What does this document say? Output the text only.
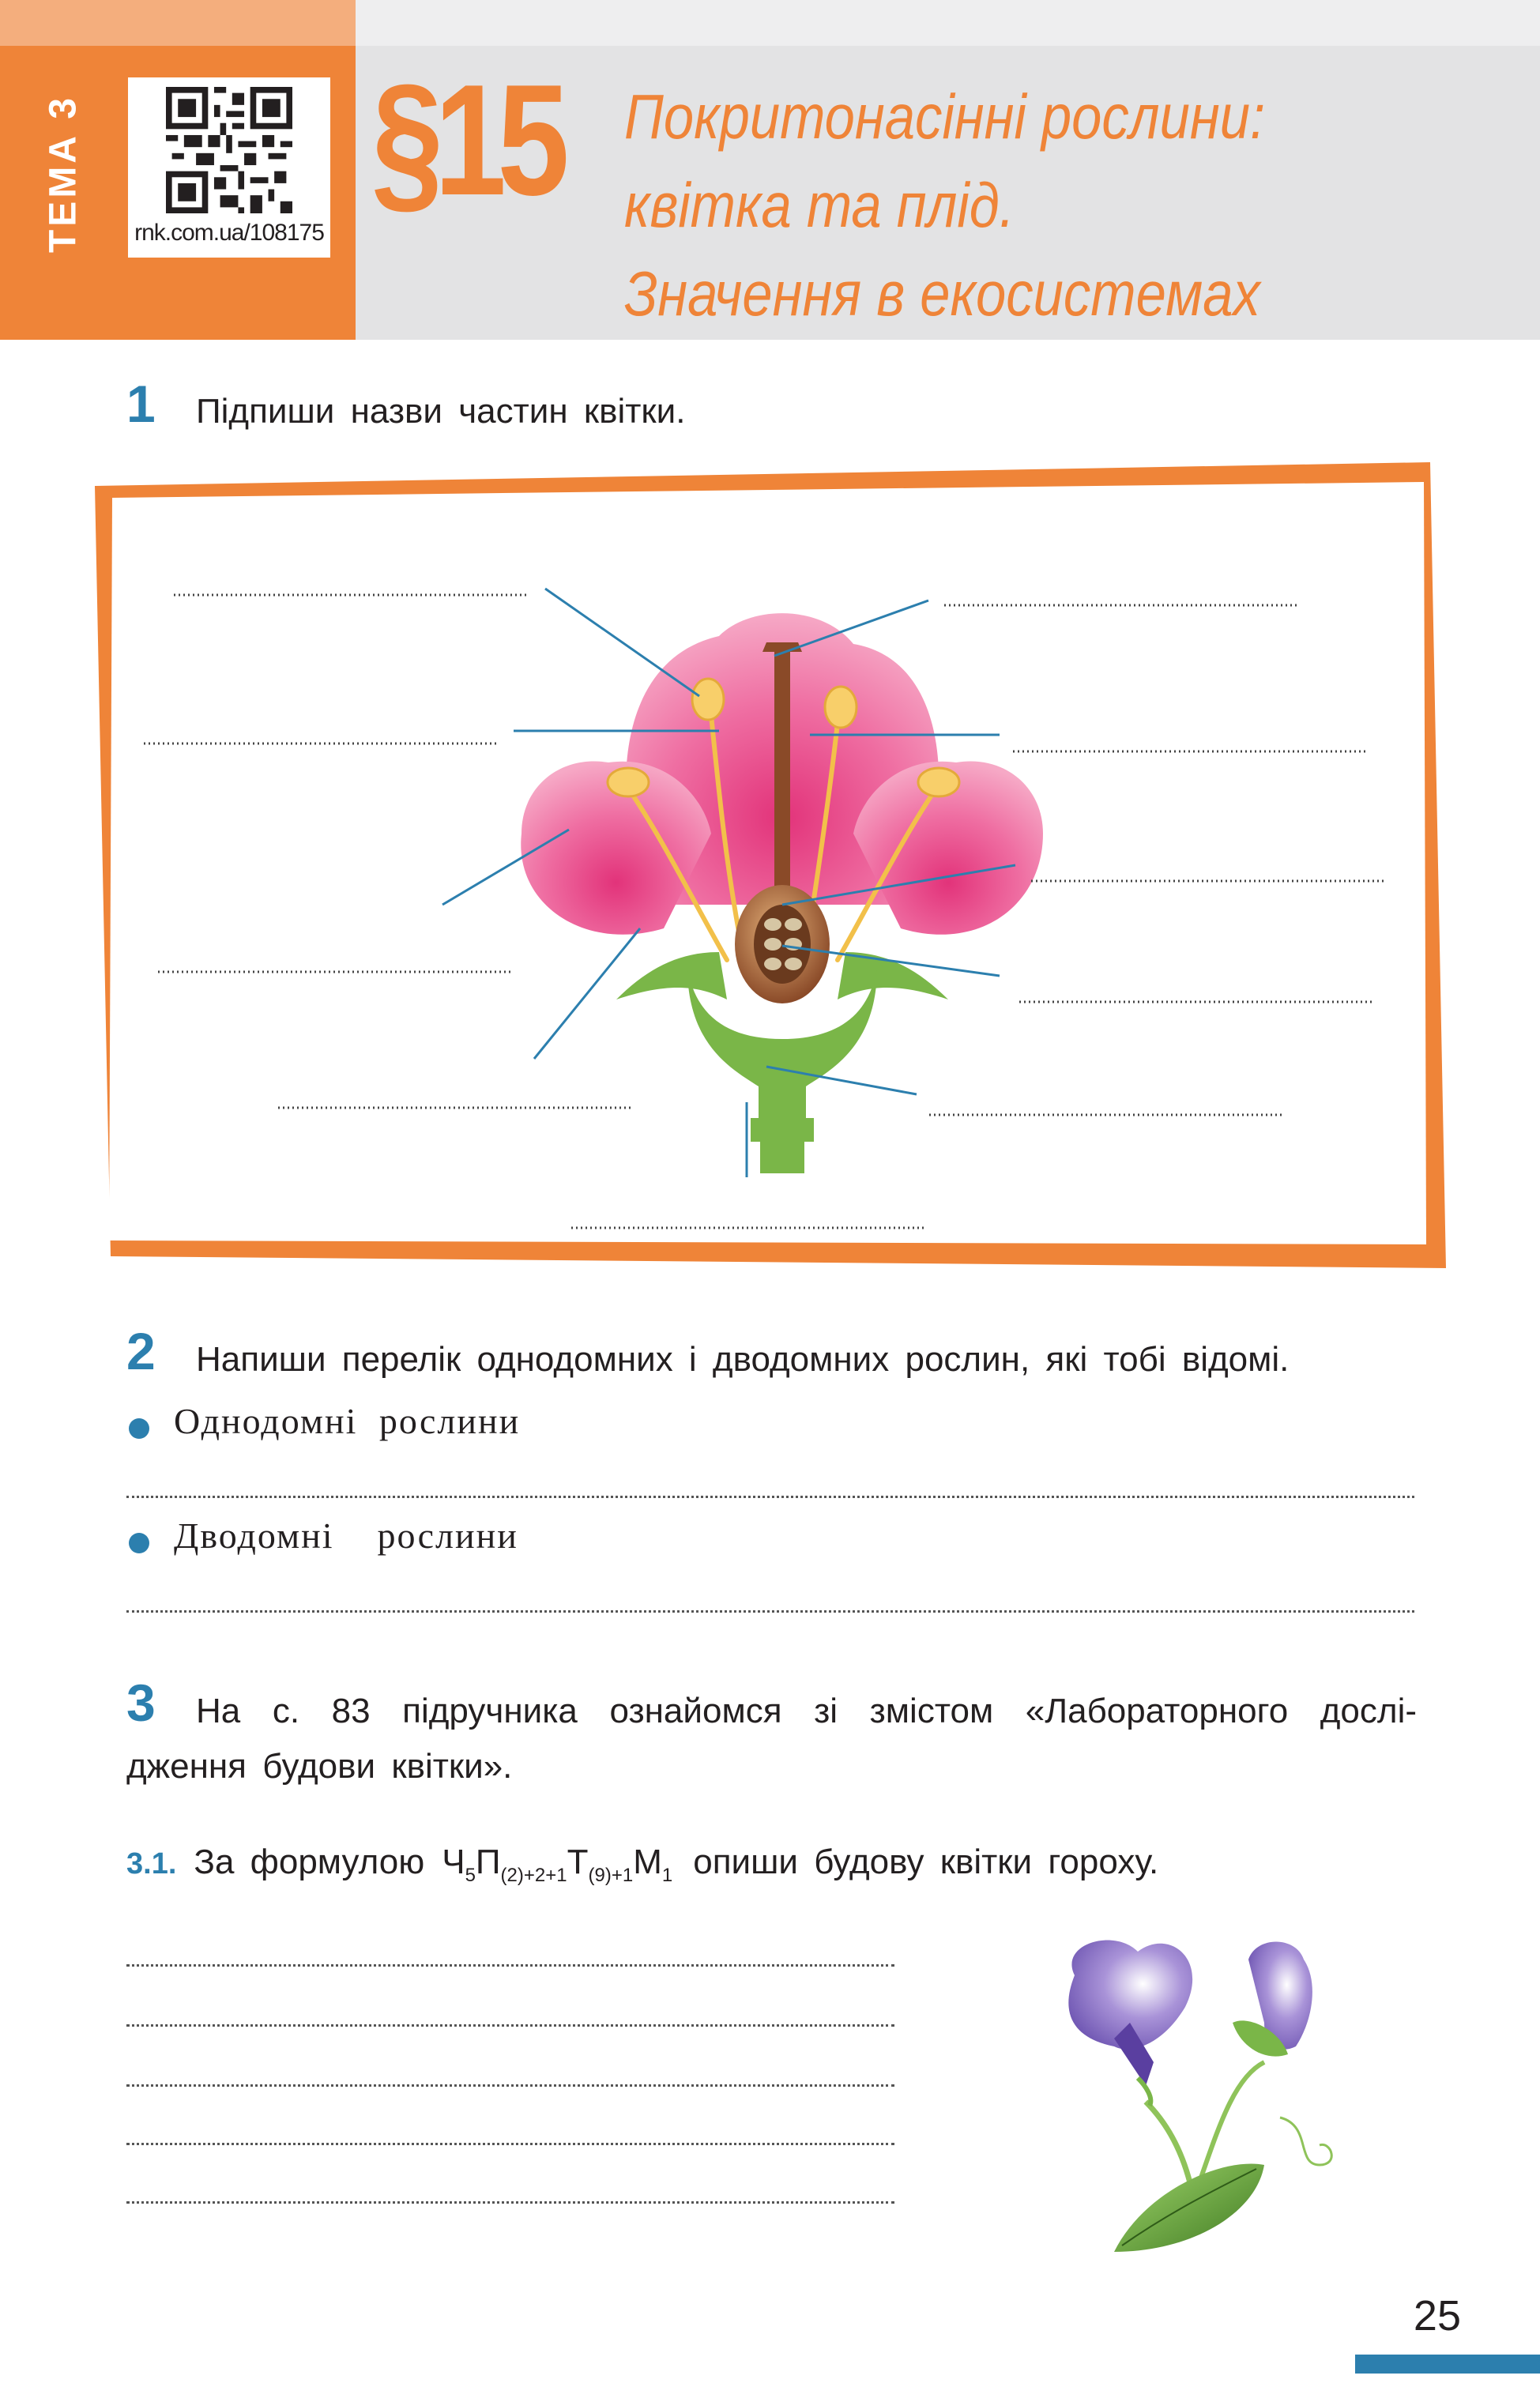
ТЕМА 3 rnk.com.ua/108175
§15 Покритонасінні рослини:
квітка та плід.
Значення в екосистемах
1 Підпиши назви частин квітки.
2 Напиши перелік однодомних і дводомних рослин, які тобі відомі.
Однодомні рослини
Дводомні  рослини
3 На с. 83 підручника ознайомся зі змістом «Лабораторного дослі-
дження будови квітки».
3.1. За формулою $Ч_5П_{(2)+2+1}Т_{(9)+1}М_1$ опиши будову квітки гороху.
25
